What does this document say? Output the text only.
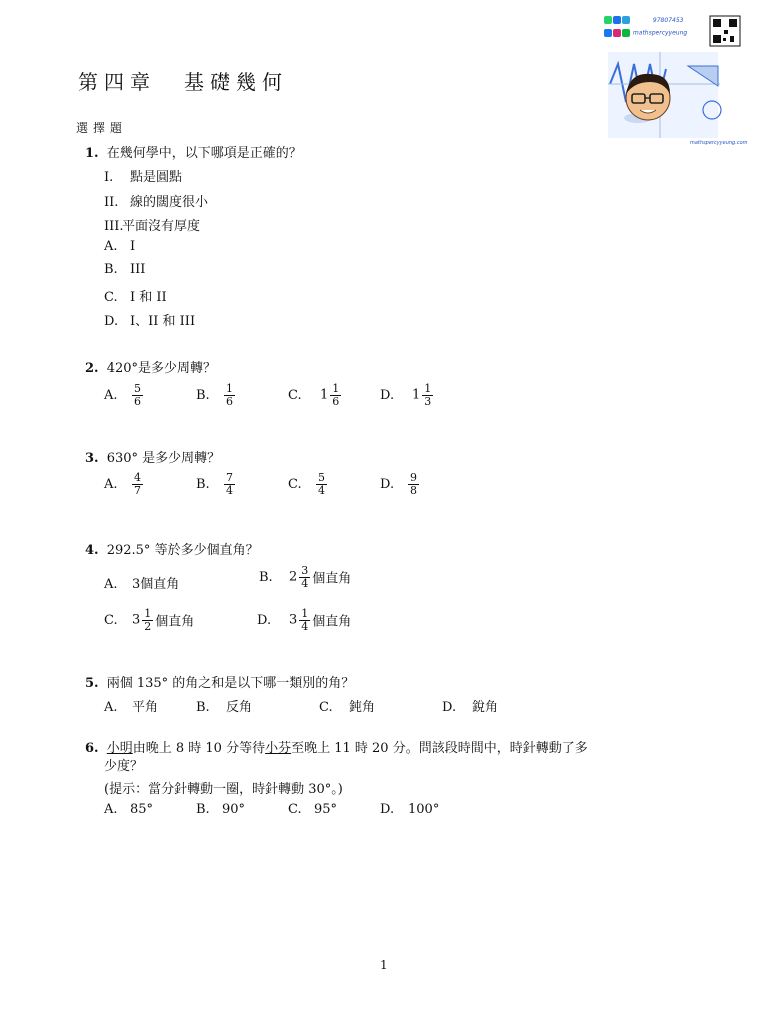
97807453
mathspercyyeung
mathspercyyeung.com
第四章 基礎幾何
選擇題
1. 在幾何學中，以下哪項是正確的？
I. 點是圓點
II. 線的闊度很小
III.平面沒有厚度
A. I
B. III
C. I 和 II
D. I、II 和 III
2. 420°是多少周轉？
A. $\frac{5}{6}$	B. $\frac{1}{6}$	C. $1 \frac{1}{6}$	D. $1 \frac{1}{3}$
3. 630° 是多少周轉？
A. $\frac{4}{7}$	B. $\frac{7}{4}$	C. $\frac{5}{4}$	D. $\frac{9}{8}$
4. 292.5° 等於多少個直角？
A. 3個直角	B. $2 \frac{3}{4}$ 個直角
C. $3 \frac{1}{2}$ 個直角	D. $3 \frac{1}{4}$ 個直角
5. 兩個 135° 的角之和是以下哪一類別的角？
A. 平角	B. 反角	C. 鈍角	D. 銳角
6. 小明由晚上 8 時 10 分等待小芬至晚上 11 時 20 分。問該段時間中，時針轉動了多
少度？
(提示：當分針轉動一圈，時針轉動 30°。)
A. 85°	B. 90°	C. 95°	D. 100°
1
